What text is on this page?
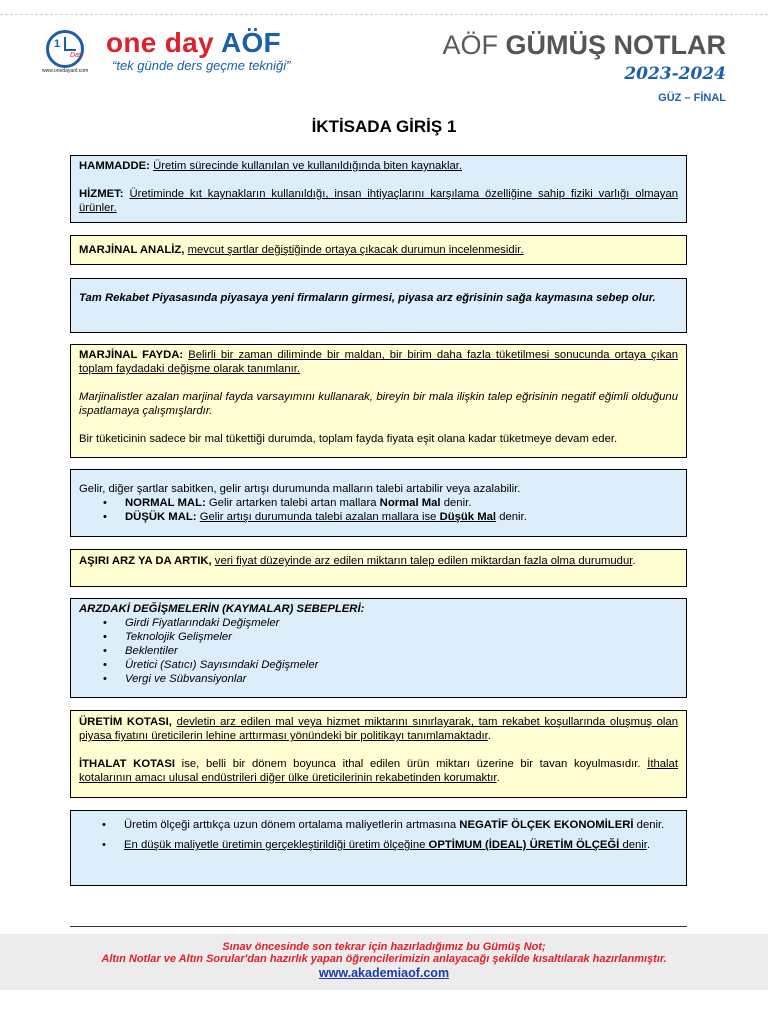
1
Day
www.onedayaof.com
one day AÖF
“tek günde ders geçme tekniği”
AÖF GÜMÜŞ NOTLAR
2023-2024
GÜZ – FİNAL
İKTİSADA GİRİŞ 1

HAMMADDE: Üretim sürecinde kullanılan ve kullanıldığında biten kaynaklar.

HİZMET: Üretiminde kıt kaynakların kullanıldığı, insan ihtiyaçlarını karşılama özelliğine sahip fiziki varlığı olmayan ürünler.

MARJİNAL ANALİZ, mevcut şartlar değiştiğinde ortaya çıkacak durumun incelenmesidir.

Tam Rekabet Piyasasında piyasaya yeni firmaların girmesi, piyasa arz eğrisinin sağa kaymasına sebep olur.

MARJİNAL FAYDA: Belirli bir zaman diliminde bir maldan, bir birim daha fazla tüketilmesi sonucunda ortaya çıkan toplam faydadaki değişme olarak tanımlanır.

Marjinalistler azalan marjinal fayda varsayımını kullanarak, bireyin bir mala ilişkin talep eğrisinin negatif eğimli olduğunu ispatlamaya çalışmışlardır.

Bir tüketicinin sadece bir mal tükettiği durumda, toplam fayda fiyata eşit olana kadar tüketmeye devam eder.

Gelir, diğer şartlar sabitken, gelir artışı durumunda malların talebi artabilir veya azalabilir.

• NORMAL MAL: Gelir artarken talebi artan mallara Normal Mal denir.
• DÜŞÜK MAL: Gelir artışı durumunda talebi azalan mallara ise Düşük Mal denir.

AŞIRI ARZ YA DA ARTIK, veri fiyat düzeyinde arz edilen miktarın talep edilen miktardan fazla olma durumudur.

ARZDAKİ DEĞİŞMELERİN (KAYMALAR) SEBEPLERİ:

• Girdi Fiyatlarındaki Değişmeler
• Teknolojik Gelişmeler
• Beklentiler
• Üretici (Satıcı) Sayısındaki Değişmeler
• Vergi ve Sübvansiyonlar

ÜRETİM KOTASI, devletin arz edilen mal veya hizmet miktarını sınırlayarak, tam rekabet koşullarında oluşmuş olan piyasa fiyatını üreticilerin lehine arttırması yönündeki bir politikayı tanımlamaktadır.

İTHALAT KOTASI ise, belli bir dönem boyunca ithal edilen ürün miktarı üzerine bir tavan koyulmasıdır. İthalat kotalarının amacı ulusal endüstrileri diğer ülke üreticilerinin rekabetinden korumaktır.

• Üretim ölçeği arttıkça uzun dönem ortalama maliyetlerin artmasına NEGATİF ÖLÇEK EKONOMİLERİ denir.
• En düşük maliyetle üretimin gerçekleştirildiği üretim ölçeğine OPTİMUM (İDEAL) ÜRETİM ÖLÇEĞİ denir.
Sınav öncesinde son tekrar için hazırladığımız bu Gümüş Not;
Altın Notlar ve Altın Sorular'dan hazırlık yapan öğrencilerimizin anlayacağı şekilde kısaltılarak hazırlanmıştır.
www.akademiaof.com
